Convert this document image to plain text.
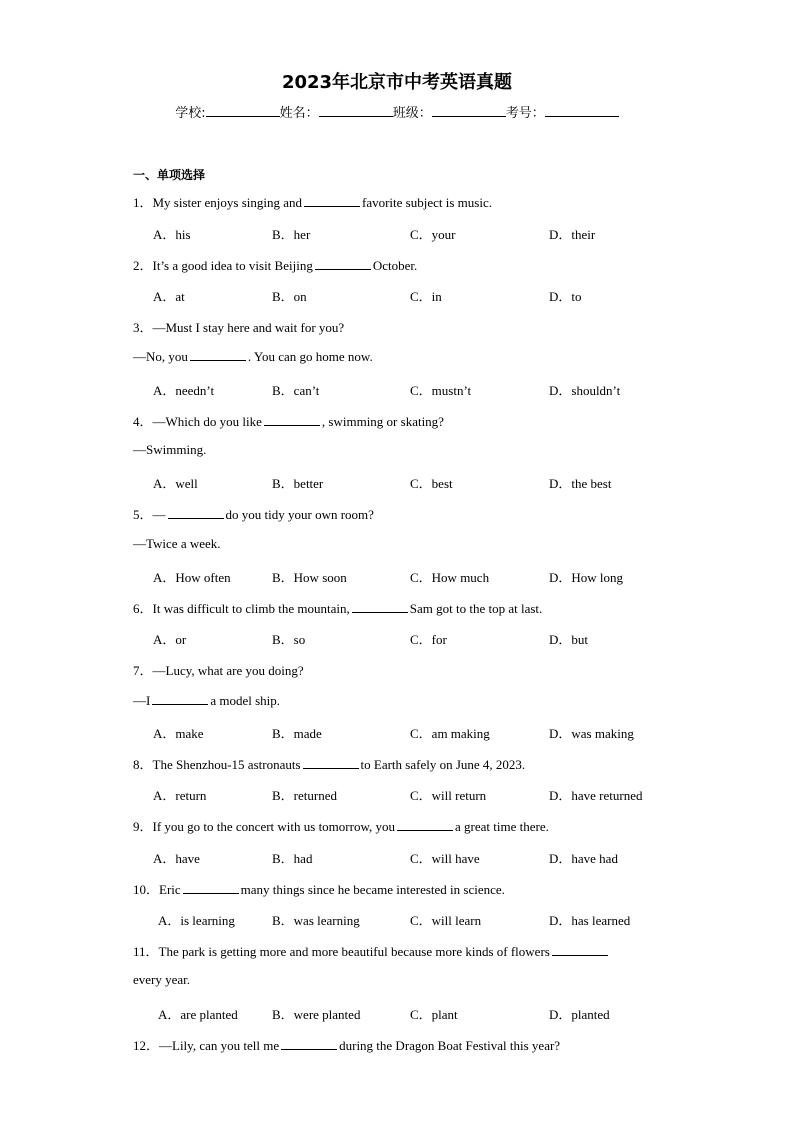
2023年北京市中考英语真题
学校:	姓名：	班级：	考号：
一、单项选择
1．My sister enjoys singing and	favorite subject is music.
A．his	B．her	C．your	D．their
2．It’s a good idea to visit Beijing	October.
A．at	B．on	C．in	D．to
3．—Must I stay here and wait for you?
—No, you	. You can go home now.
A．needn’t	B．can’t	C．mustn’t	D．shouldn’t
4．—Which do you like	, swimming or skating?
—Swimming.
A．well	B．better	C．best	D．the best
5．—	do you tidy your own room?
—Twice a week.
A．How often	B．How soon	C．How much	D．How long
6．It was difficult to climb the mountain,	Sam got to the top at last.
A．or	B．so	C．for	D．but
7．—Lucy, what are you doing?
—I	a model ship.
A．make	B．made	C．am making	D．was making
8．The Shenzhou-15 astronauts	to Earth safely on June 4, 2023.
A．return	B．returned	C．will return	D．have returned
9．If you go to the concert with us tomorrow, you	a great time there.
A．have	B．had	C．will have	D．have had
10．Eric	many things since he became interested in science.
A．is learning	B．was learning	C．will learn	D．has learned
11．The park is getting more and more beautiful because more kinds of flowers
every year.
A．are planted	B．were planted	C．plant	D．planted
12．—Lily, can you tell me	during the Dragon Boat Festival this year?
